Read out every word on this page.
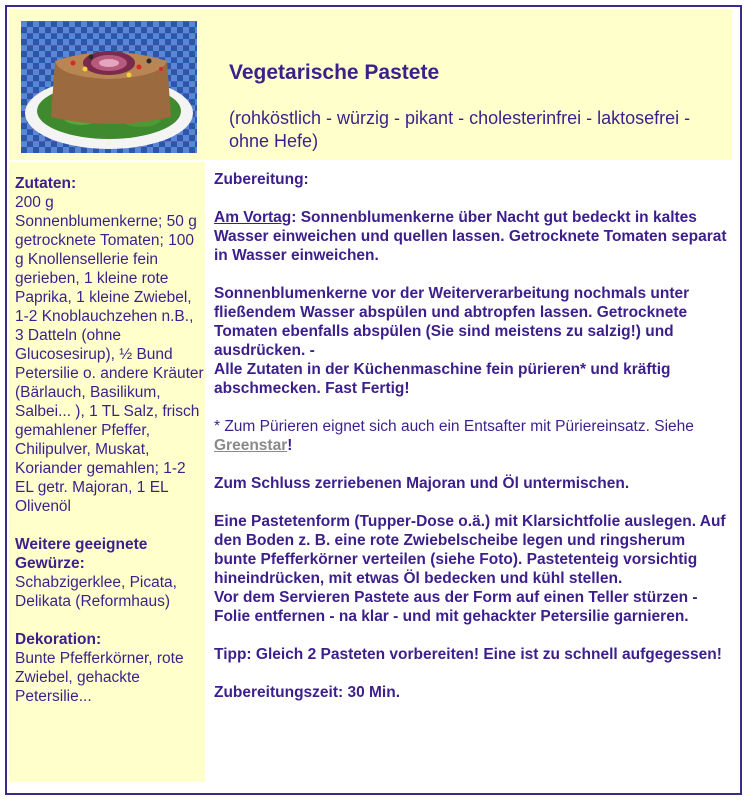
Vegetarische Pastete

(rohköstlich - würzig - pikant - cholesterinfrei - laktosefrei - ohne Hefe)

Zutaten:
200 g Sonnenblumenkerne; 50 g getrocknete Tomaten; 100 g Knollensellerie fein gerieben, 1 kleine rote Paprika, 1 kleine Zwiebel, 1-2 Knoblauchzehen n.B., 3 Datteln (ohne Glucosesirup), ½ Bund Petersilie o. andere Kräuter (Bärlauch, Basilikum, Salbei... ), 1 TL Salz, frisch gemahlener Pfeffer, Chilipulver, Muskat, Koriander gemahlen; 1-2 EL getr. Majoran, 1 EL Olivenöl

Weitere geeignete Gewürze:
Schabzigerklee, Picata, Delikata (Reformhaus)

Dekoration:
Bunte Pfefferkörner, rote Zwiebel, gehackte Petersilie...

Zubereitung:

Am Vortag: Sonnenblumenkerne über Nacht gut bedeckt in kaltes Wasser einweichen und quellen lassen. Getrocknete Tomaten separat in Wasser einweichen.

Sonnenblumenkerne vor der Weiterverarbeitung nochmals unter fließendem Wasser abspülen und abtropfen lassen. Getrocknete Tomaten ebenfalls abspülen (Sie sind meistens zu salzig!) und ausdrücken. -
Alle Zutaten in der Küchenmaschine fein pürieren* und kräftig abschmecken. Fast Fertig!

* Zum Pürieren eignet sich auch ein Entsafter mit Püriereinsatz. Siehe Greenstar!

Zum Schluss zerriebenen Majoran und Öl untermischen.

Eine Pastetenform (Tupper-Dose o.ä.) mit Klarsichtfolie auslegen. Auf den Boden z. B. eine rote Zwiebelscheibe legen und ringsherum bunte Pfefferkörner verteilen (siehe Foto). Pastetenteig vorsichtig hineindrücken, mit etwas Öl bedecken und kühl stellen.
Vor dem Servieren Pastete aus der Form auf einen Teller stürzen - Folie entfernen - na klar - und mit gehackter Petersilie garnieren.

Tipp: Gleich 2 Pasteten vorbereiten! Eine ist zu schnell aufgegessen!

Zubereitungszeit: 30 Min.
